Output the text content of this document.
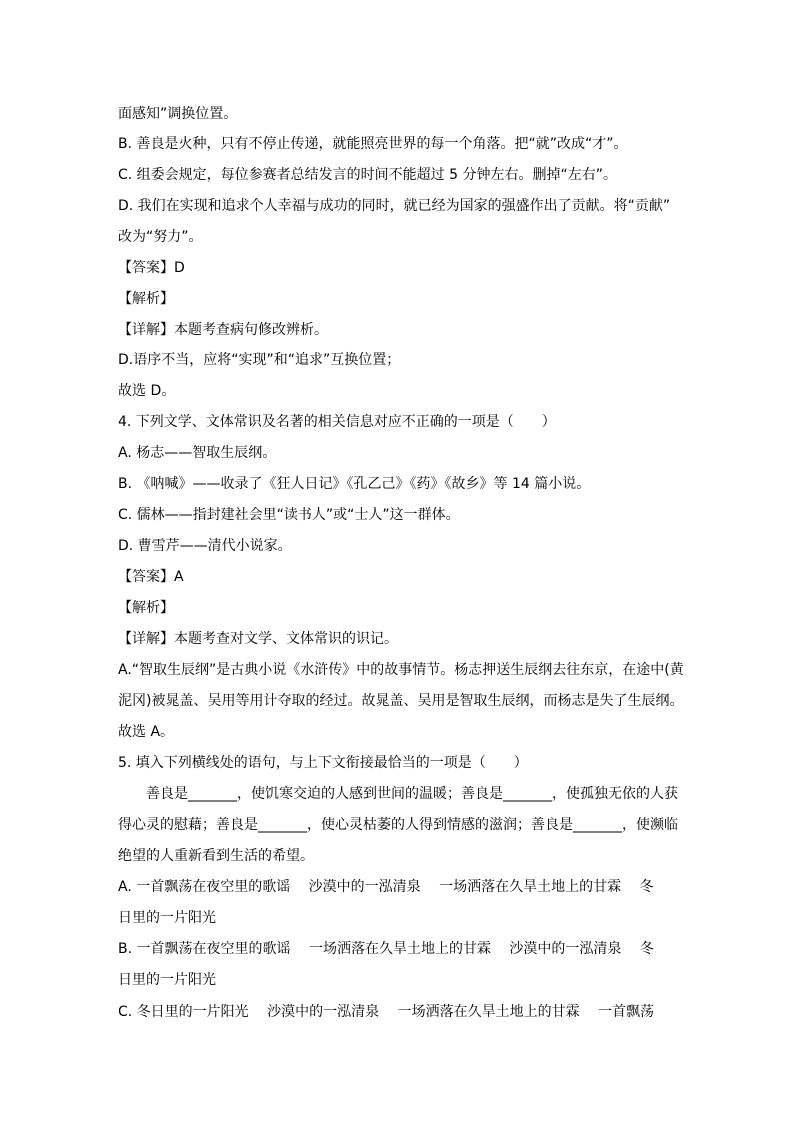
面感知”调换位置。
B. 善良是火种，只有不停止传递，就能照亮世界的每一个角落。把“就”改成“才”。
C. 组委会规定，每位参赛者总结发言的时间不能超过 5 分钟左右。删掉“左右”。
D. 我们在实现和追求个人幸福与成功的同时，就已经为国家的强盛作出了贡献。将“贡献”
改为“努力”。
【答案】D
【解析】
【详解】本题考查病句修改辨析。
D.语序不当，应将“实现”和“追求”互换位置；
故选 D。
4. 下列文学、文体常识及名著的相关信息对应不正确的一项是（　　）
A. 杨志——智取生辰纲。
B. 《呐喊》——收录了《狂人日记》《孔乙己》《药》《故乡》等 14 篇小说。
C. 儒林——指封建社会里“读书人”或“士人”这一群体。
D. 曹雪芹——清代小说家。
【答案】A
【解析】
【详解】本题考查对文学、文体常识的识记。
A.“智取生辰纲”是古典小说《水浒传》中的故事情节。杨志押送生辰纲去往东京，在途中(黄
泥冈)被晁盖、吴用等用计夺取的经过。故晁盖、吴用是智取生辰纲，而杨志是失了生辰纲。
故选 A。
5. 填入下列横线处的语句，与上下文衔接最恰当的一项是（　　）
善良是_______，使饥寒交迫的人感到世间的温暖；善良是_______，使孤独无依的人获
得心灵的慰藉；善良是_______，使心灵枯萎的人得到情感的滋润；善良是_______，使濒临
绝望的人重新看到生活的希望。
A. 一首飘荡在夜空里的歌谣　 沙漠中的一泓清泉　 一场洒落在久旱土地上的甘霖　 冬
日里的一片阳光
B. 一首飘荡在夜空里的歌谣　 一场洒落在久旱土地上的甘霖　 沙漠中的一泓清泉　 冬
日里的一片阳光
C. 冬日里的一片阳光　 沙漠中的一泓清泉　 一场洒落在久旱土地上的甘霖　 一首飘荡
